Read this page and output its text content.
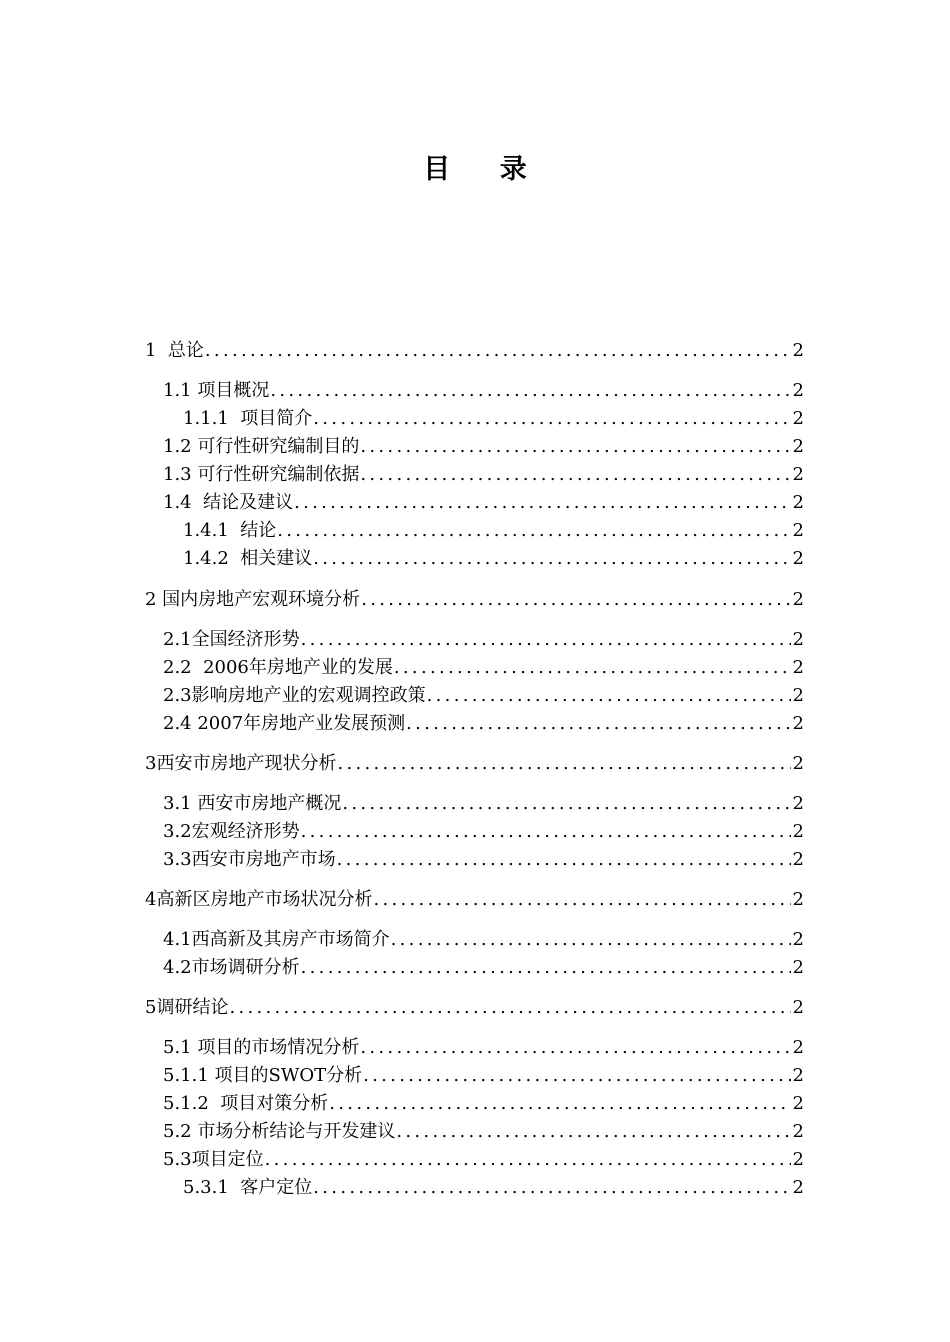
目 录
1  总论 .....	2
1.1 项目概况 .....	2
1.1.1  项目简介 .....	2
1.2 可行性研究编制目的 .....	2
1.3 可行性研究编制依据 .....	2
1.4  结论及建议 .....	2
1.4.1  结论 .....	2
1.4.2  相关建议 .....	2
2 国内房地产宏观环境分析 .....	2
2.1全国经济形势 .....	2
2.2  2006年房地产业的发展 .....	2
2.3影响房地产业的宏观调控政策 .....	2
2.4 2007年房地产业发展预测 .....	2
3西安市房地产现状分析 .....	2
3.1 西安市房地产概况 .....	2
3.2宏观经济形势 .....	2
3.3西安市房地产市场 .....	2
4高新区房地产市场状况分析 .....	2
4.1西高新及其房产市场简介 .....	2
4.2市场调研分析 .....	2
5调研结论 .....	2
5.1 项目的市场情况分析 .....	2
5.1.1 项目的SWOT分析 .....	2
5.1.2  项目对策分析 .....	2
5.2 市场分析结论与开发建议 .....	2
5.3项目定位 .....	2
5.3.1  客户定位 .....	2
